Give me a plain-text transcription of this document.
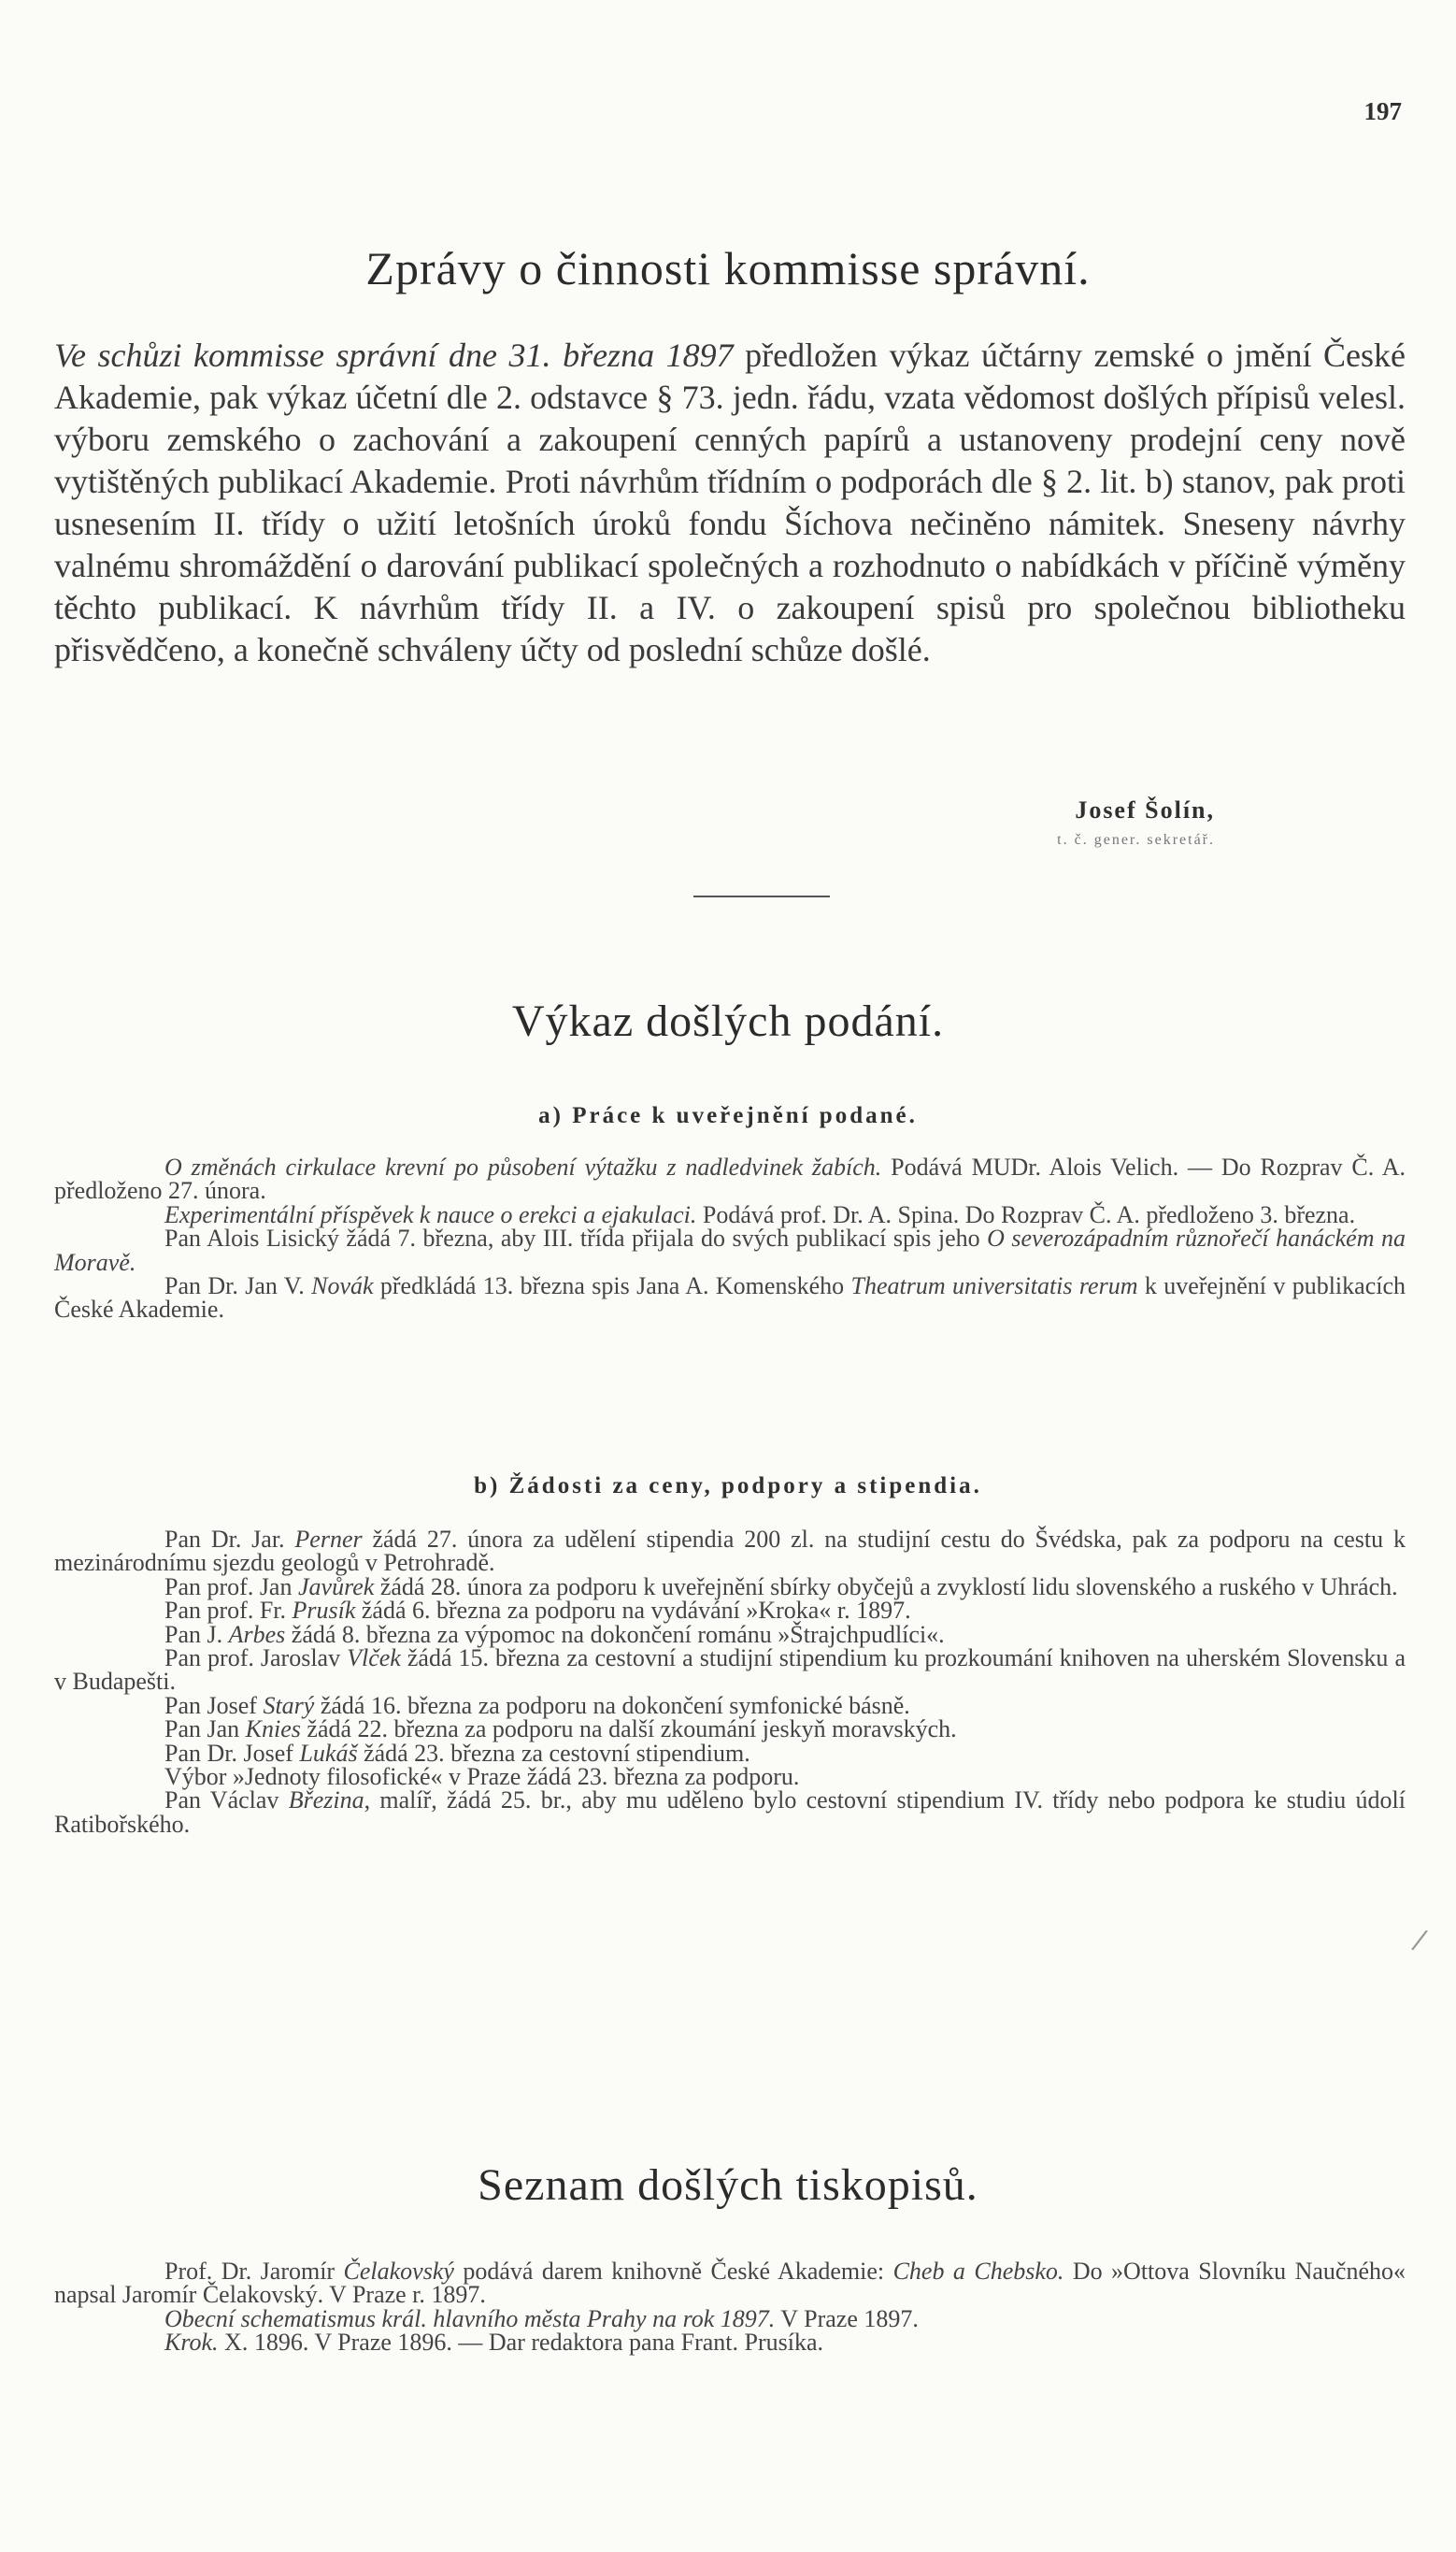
197
Zprávy o činnosti kommisse správní.

Ve schůzi kommisse správní dne 31. března 1897 předložen výkaz účtárny zemské o jmění České Akademie, pak výkaz účetní dle 2. odstavce § 73. jedn. řádu, vzata vědomost došlých přípisů velesl. výboru zemského o zachování a zakoupení cenných papírů a ustanoveny prodejní ceny nově vytištěných publikací Akademie. Proti návrhům třídním o podporách dle § 2. lit. b) stanov, pak proti usnesením II. třídy o užití letošních úroků fondu Šíchova nečiněno námitek. Sneseny návrhy valnému shromáždění o darování publikací společných a rozhodnuto o nabídkách v příčině výměny těchto publikací. K návrhům třídy II. a IV. o zakoupení spisů pro společnou bibliotheku přisvědčeno, a konečně schváleny účty od poslední schůze došlé.

Josef Šolín,
t. č. gener. sekretář.
Výkaz došlých podání.
a) Práce k uveřejnění podané.

O změnách cirkulace krevní po působení výtažku z nadledvinek žabích. Podává MUDr. Alois Velich. — Do Rozprav Č. A. předloženo 27. února.

Experimentální příspěvek k nauce o erekci a ejakulaci. Podává prof. Dr. A. Spina. Do Rozprav Č. A. předloženo 3. března.

Pan Alois Lisický žádá 7. března, aby III. třída přijala do svých publikací spis jeho O severozápadním různořečí hanáckém na Moravě.

Pan Dr. Jan V. Novák předkládá 13. března spis Jana A. Komenského Theatrum universitatis rerum k uveřejnění v publikacích České Akademie.

b) Žádosti za ceny, podpory a stipendia.

Pan Dr. Jar. Perner žádá 27. února za udělení stipendia 200 zl. na studijní cestu do Švédska, pak za podporu na cestu k mezinárodnímu sjezdu geologů v Petrohradě.

Pan prof. Jan Javůrek žádá 28. února za podporu k uveřejnění sbírky obyčejů a zvyklostí lidu slovenského a ruského v Uhrách.

Pan prof. Fr. Prusík žádá 6. března za podporu na vydávání »Kroka« r. 1897.

Pan J. Arbes žádá 8. března za výpomoc na dokončení románu »Štrajchpudlíci«.

Pan prof. Jaroslav Vlček žádá 15. března za cestovní a studijní stipendium ku prozkoumání knihoven na uherském Slovensku a v Budapešti.

Pan Josef Starý žádá 16. března za podporu na dokončení symfonické básně.

Pan Jan Knies žádá 22. března za podporu na další zkoumání jeskyň moravských.

Pan Dr. Josef Lukáš žádá 23. března za cestovní stipendium.

Výbor »Jednoty filosofické« v Praze žádá 23. března za podporu.

Pan Václav Březina, malíř, žádá 25. br., aby mu uděleno bylo cestovní stipendium IV. třídy nebo podpora ke studiu údolí Ratibořského.

/
Seznam došlých tiskopisů.

Prof. Dr. Jaromír Čelakovský podává darem knihovně České Akademie: Cheb a Chebsko. Do »Ottova Slovníku Naučného« napsal Jaromír Čelakovský. V Praze r. 1897.

Obecní schematismus král. hlavního města Prahy na rok 1897. V Praze 1897.

Krok. X. 1896. V Praze 1896. — Dar redaktora pana Frant. Prusíka.
